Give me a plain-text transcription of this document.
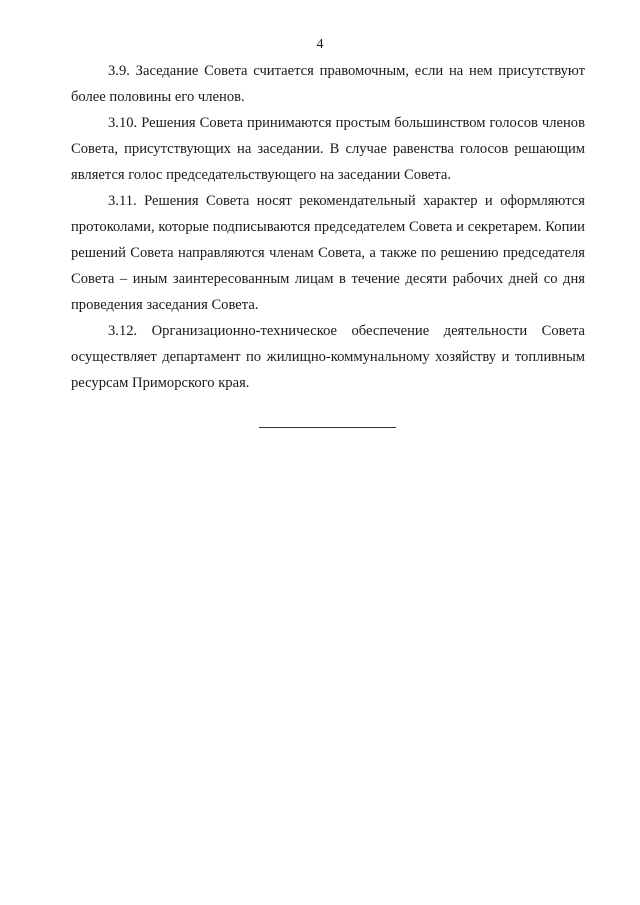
4

3.9. Заседание Совета считается правомочным, если на нем присутствуют более половины его членов.

3.10. Решения Совета принимаются простым большинством голосов членов Совета, присутствующих на заседании. В случае равенства голосов решающим является голос председательствующего на заседании Совета.

3.11. Решения Совета носят рекомендательный характер и оформляются протоколами, которые подписываются председателем Совета и секретарем. Копии решений Совета направляются членам Совета, а также по решению председателя Совета – иным заинтересованным лицам в течение десяти рабочих дней со дня проведения заседания Совета.

3.12. Организационно-техническое обеспечение деятельности Совета осуществляет департамент по жилищно-коммунальному хозяйству и топливным ресурсам Приморского края.
